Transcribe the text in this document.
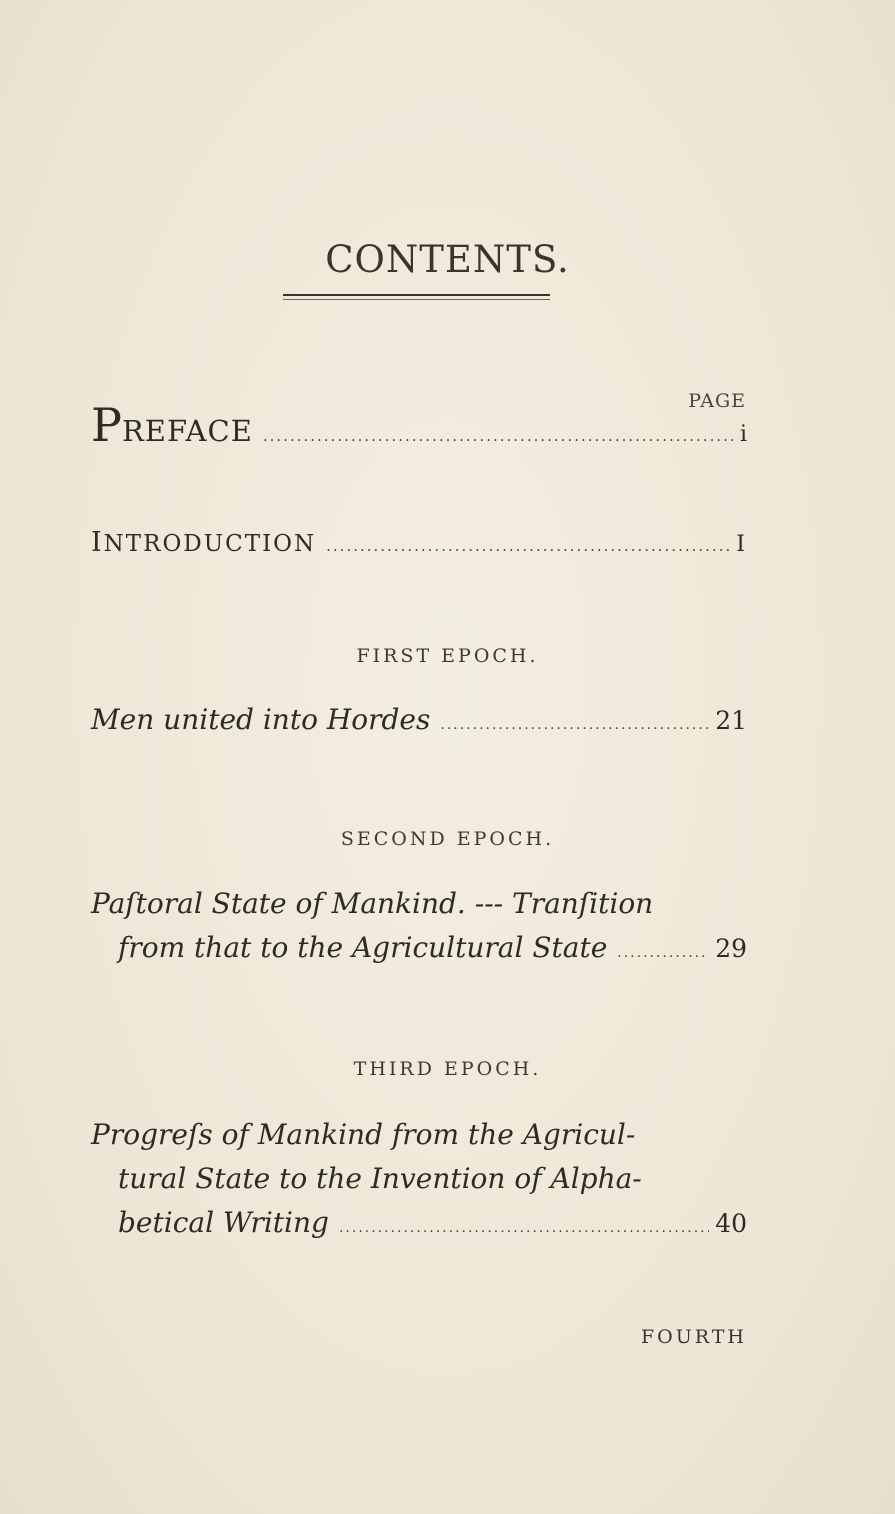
CONTENTS.
PAGE
PREFACE .....	i
INTRODUCTION .....	I
FIRST EPOCH.
Men united into Hordes .....	21
SECOND EPOCH.
Paſtoral State of Mankind. --- Tranſition
from that to the Agricultural State .....	29
THIRD EPOCH.
Progreſs of Mankind from the Agricul-
tural State to the Invention of Alpha-
betical Writing .....	40
FOURTH
